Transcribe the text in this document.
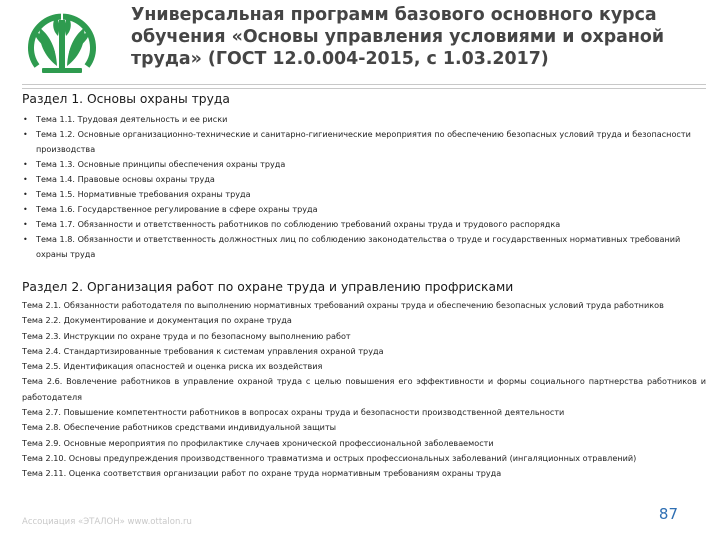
Универсальная программ базового основного курса обучения «Основы управления условиями и охраной труда» (ГОСТ 12.0.004-2015, с 1.03.2017)
Раздел 1. Основы охраны труда
• Тема 1.1. Трудовая деятельность и ее риски
• Тема 1.2. Основные организационно-технические и санитарно-гигиенические мероприятия по обеспечению безопасных условий труда и безопасности производства
• Тема 1.3. Основные принципы обеспечения охраны труда
• Тема 1.4. Правовые основы охраны труда
• Тема 1.5. Нормативные требования охраны труда
• Тема 1.6. Государственное регулирование в сфере охраны труда
• Тема 1.7. Обязанности и ответственность работников по соблюдению требований охраны труда и трудового распорядка
• Тема 1.8. Обязанности и ответственность должностных лиц по соблюдению законодательства о труде и государственных нормативных требований охраны труда
Раздел 2. Организация работ по охране труда и управлению профрисками
Тема 2.1. Обязанности работодателя по выполнению нормативных требований охраны труда и обеспечению безопасных условий труда работников
Тема 2.2. Документирование и документация по охране труда
Тема 2.3. Инструкции по охране труда и по безопасному выполнению работ
Тема 2.4. Стандартизированные требования к системам управления охраной труда
Тема 2.5. Идентификация опасностей и оценка риска их воздействия
Тема 2.6. Вовлечение работников в управление охраной труда с целью повышения его эффективности и формы социального партнерства работников и работодателя
Тема 2.7. Повышение компетентности работников в вопросах охраны труда и безопасности производственной деятельности
Тема 2.8. Обеспечение работников средствами индивидуальной защиты
Тема 2.9. Основные мероприятия по профилактике случаев хронической профессиональной заболеваемости
Тема 2.10. Основы предупреждения производственного травматизма и острых профессиональных заболеваний (ингаляционных отравлений)
Тема 2.11. Оценка соответствия организации работ по охране труда нормативным требованиям охраны труда
Ассоциация «ЭТАЛОН» www.ottalon.ru	87
